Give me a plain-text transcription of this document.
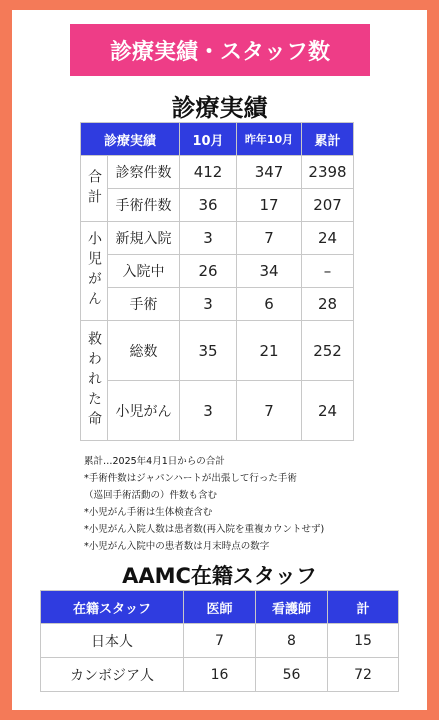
診療実績・スタッフ数
診療実績
診療実績		10月	昨年10月	累計

合計	診察件数	412	347	2398
	手術件数	36	17	207

小児がん	新規入院	3	7	24
	入院中	26	34	–
	手術	3	6	28

救われた命	総数	35	21	252
	小児がん	3	7	24
累計…2025年4月1日からの合計
*手術件数はジャパンハートが出張して行った手術
（巡回手術活動の）件数も含む
*小児がん手術は生体検査含む
*小児がん入院人数は患者数(再入院を重複カウントせず)
*小児がん入院中の患者数は月末時点の数字
AAMC在籍スタッフ
在籍スタッフ	医師	看護師	計
日本人	7	8	15
カンボジア人	16	56	72
